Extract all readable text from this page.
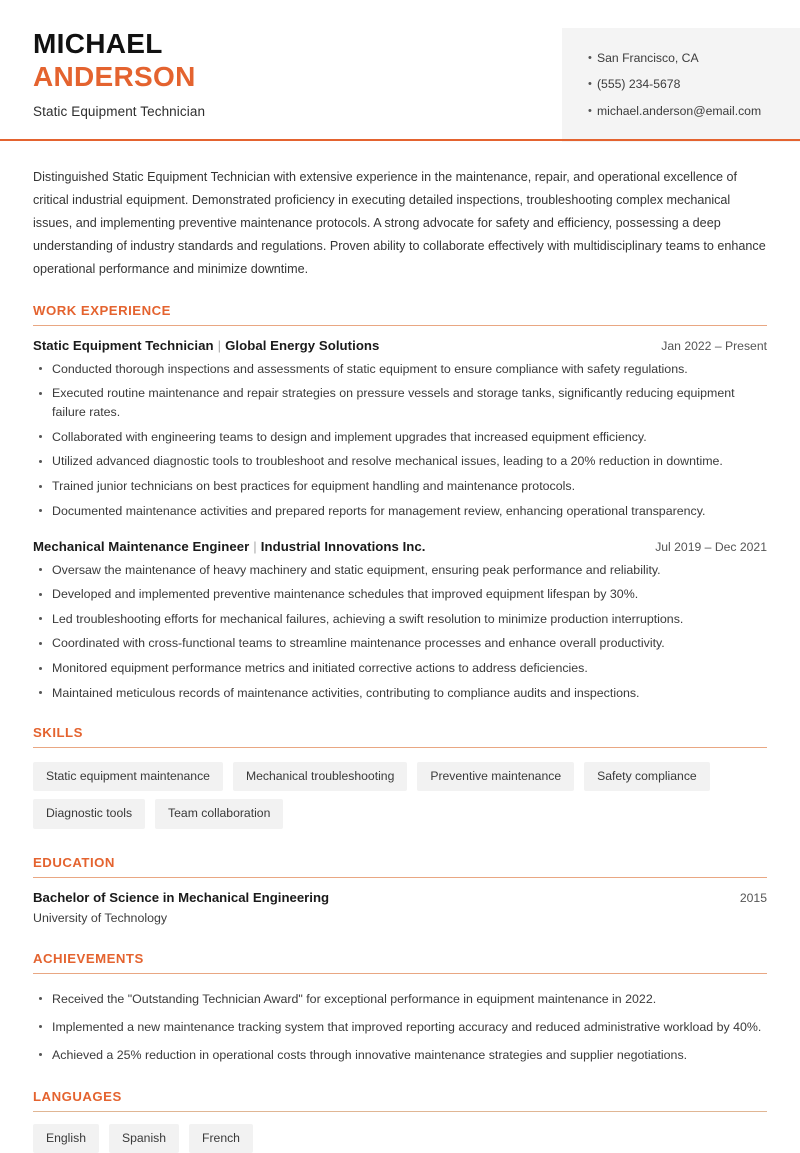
MICHAEL
ANDERSON
Static Equipment Technician
• San Francisco, CA
• (555) 234-5678
• michael.anderson@email.com

Distinguished Static Equipment Technician with extensive experience in the maintenance, repair, and operational excellence of critical industrial equipment. Demonstrated proficiency in executing detailed inspections, troubleshooting complex mechanical issues, and implementing preventive maintenance protocols. A strong advocate for safety and efficiency, possessing a deep understanding of industry standards and regulations. Proven ability to collaborate effectively with multidisciplinary teams to enhance operational performance and minimize downtime.

WORK EXPERIENCE
Static Equipment Technician | Global Energy Solutions	Jan 2022 – Present
Conducted thorough inspections and assessments of static equipment to ensure compliance with safety regulations.
Executed routine maintenance and repair strategies on pressure vessels and storage tanks, significantly reducing equipment failure rates.
Collaborated with engineering teams to design and implement upgrades that increased equipment efficiency.
Utilized advanced diagnostic tools to troubleshoot and resolve mechanical issues, leading to a 20% reduction in downtime.
Trained junior technicians on best practices for equipment handling and maintenance protocols.
Documented maintenance activities and prepared reports for management review, enhancing operational transparency.
Mechanical Maintenance Engineer | Industrial Innovations Inc.	Jul 2019 – Dec 2021
Oversaw the maintenance of heavy machinery and static equipment, ensuring peak performance and reliability.
Developed and implemented preventive maintenance schedules that improved equipment lifespan by 30%.
Led troubleshooting efforts for mechanical failures, achieving a swift resolution to minimize production interruptions.
Coordinated with cross-functional teams to streamline maintenance processes and enhance overall productivity.
Monitored equipment performance metrics and initiated corrective actions to address deficiencies.
Maintained meticulous records of maintenance activities, contributing to compliance audits and inspections.
SKILLS
Static equipment maintenance	Mechanical troubleshooting	Preventive maintenance	Safety compliance
Diagnostic tools	Team collaboration
EDUCATION
Bachelor of Science in Mechanical Engineering	2015
University of Technology
ACHIEVEMENTS
Received the "Outstanding Technician Award" for exceptional performance in equipment maintenance in 2022.
Implemented a new maintenance tracking system that improved reporting accuracy and reduced administrative workload by 40%.
Achieved a 25% reduction in operational costs through innovative maintenance strategies and supplier negotiations.
LANGUAGES
English	Spanish	French
